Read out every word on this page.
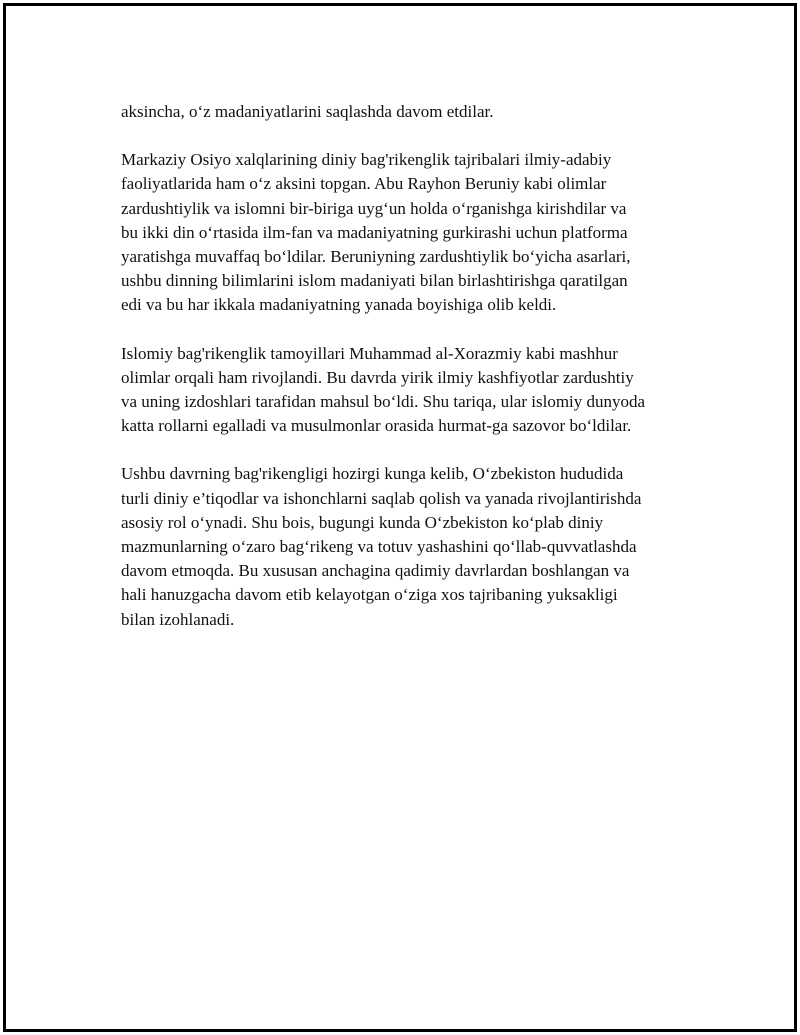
aksincha, o‘z madaniyatlarini saqlashda davom etdilar.

Markaziy Osiyo xalqlarining diniy bag'rikenglik tajribalari ilmiy-adabiy
faoliyatlarida ham o‘z aksini topgan. Abu Rayhon Beruniy kabi olimlar
zardushtiylik va islomni bir-biriga uyg‘un holda o‘rganishga kirishdilar va
bu ikki din o‘rtasida ilm-fan va madaniyatning gurkirashi uchun platforma
yaratishga muvaffaq bo‘ldilar. Beruniyning zardushtiylik bo‘yicha asarlari,
ushbu dinning bilimlarini islom madaniyati bilan birlashtirishga qaratilgan
edi va bu har ikkala madaniyatning yanada boyishiga olib keldi.

Islomiy bag'rikenglik tamoyillari Muhammad al-Xorazmiy kabi mashhur
olimlar orqali ham rivojlandi. Bu davrda yirik ilmiy kashfiyotlar zardushtiy
va uning izdoshlari tarafidan mahsul bo‘ldi. Shu tariqa, ular islomiy dunyoda
katta rollarni egalladi va musulmonlar orasida hurmat-ga sazovor bo‘ldilar.

Ushbu davrning bag'rikengligi hozirgi kunga kelib, O‘zbekiston hududida
turli diniy e’tiqodlar va ishonchlarni saqlab qolish va yanada rivojlantirishda
asosiy rol o‘ynadi. Shu bois, bugungi kunda O‘zbekiston ko‘plab diniy
mazmunlarning o‘zaro bag‘rikeng va totuv yashashini qo‘llab-quvvatlashda
davom etmoqda. Bu xususan anchagina qadimiy davrlardan boshlangan va
hali hanuzgacha davom etib kelayotgan o‘ziga xos tajribaning yuksakligi
bilan izohlanadi.
